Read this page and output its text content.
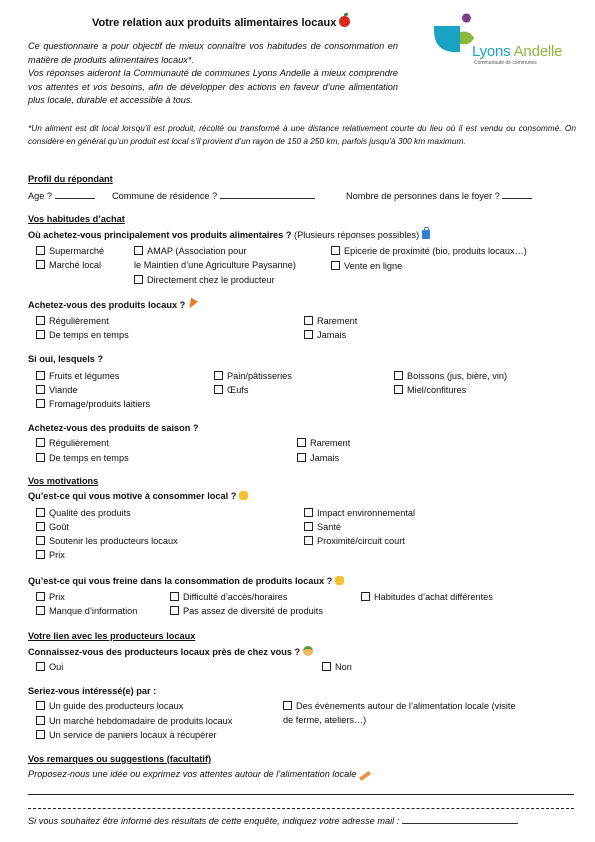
Votre relation aux produits alimentaires locaux
Lyons Andelle
Communauté de communes

Ce questionnaire a pour objectif de mieux connaître vos habitudes de consommation en matière de produits alimentaires locaux*.

Vos réponses aideront la Communauté de communes Lyons Andelle à mieux comprendre vos attentes et vos besoins, afin de développer des actions en faveur d’une alimentation plus locale, durable et accessible à tous.

*Un aliment est dit local lorsqu’il est produit, récolté ou transformé à une distance relativement courte du lieu où il est vendu ou consommé. On considère en général qu’un produit est local s’il provient d’un rayon de 150 à 250 km, parfois jusqu’à 300 km maximum.
Profil du répondant
Age ?	Commune de résidence ?	Nombre de personnes dans le foyer ?
Vos habitudes d’achat
Où achetez-vous principalement vos produits alimentaires ? (Plusieurs réponses possibles)
Supermarché
Marché local
AMAP (Association pour
le Maintien d’une Agriculture Paysanne)
Directement chez le producteur
Epicerie de proximité (bio, produits locaux…)
Vente en ligne
Achetez-vous des produits locaux ?
Régulièrement
De temps en temps
Rarement
Jamais
Si oui, lesquels ?
Fruits et légumes
Viande
Fromage/produits laitiers
Pain/pâtisseries
Œufs
Boissons (jus, bière, vin)
Miel/confitures
Achetez-vous des produits de saison ?
Régulièrement
De temps en temps
Rarement
Jamais
Vos motivations
Qu’est-ce qui vous motive à consommer local ?
Qualité des produits
Goût
Soutenir les producteurs locaux
Prix
Impact environnemental
Santé
Proximité/circuit court
Qu’est-ce qui vous freine dans la consommation de produits locaux ?
Prix
Manque d’information
Difficulté d’accès/horaires
Pas assez de diversité de produits
Habitudes d’achat différentes
Votre lien avec les producteurs locaux
Connaissez-vous des producteurs locaux près de chez vous ?
Oui	Non
Seriez-vous intéressé(e) par :
Un guide des producteurs locaux
Un marché hebdomadaire de produits locaux
Un service de paniers locaux à récupérer
Des évènements autour de l’alimentation locale (visite
de ferme, ateliers…)
Vos remarques ou suggestions (facultatif)
Proposez-nous une idée ou exprimez vos attentes autour de l’alimentation locale
Si vous souhaitez être informé des résultats de cette enquête, indiquez votre adresse mail :
